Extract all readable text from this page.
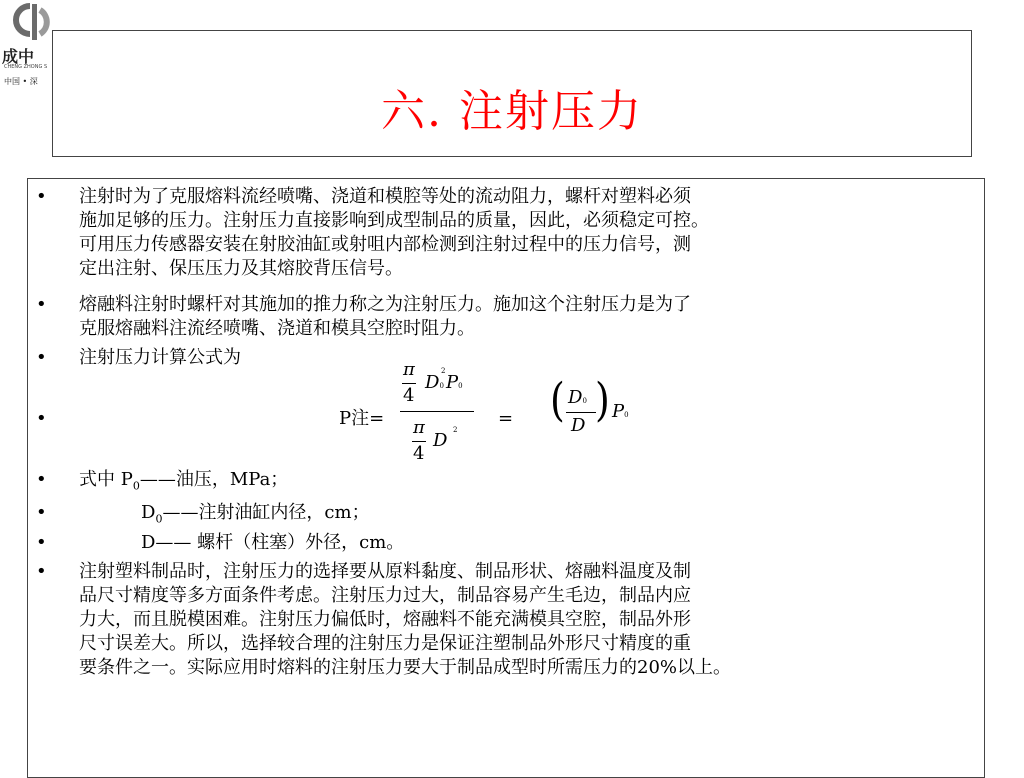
成中
CHENG ZHONG S
中国 • 深
六. 注射压力
• 注射时为了克服熔料流经喷嘴、浇道和模腔等处的流动阻力，螺杆对塑料必须
施加足够的压力。注射压力直接影响到成型制品的质量，因此，必须稳定可控。
可用压力传感器安装在射胶油缸或射咀内部检测到注射过程中的压力信号，测
定出注射、保压压力及其熔胶背压信号。
• 熔融料注射时螺杆对其施加的推力称之为注射压力。施加这个注射压力是为了
克服熔融料注流经喷嘴、浇道和模具空腔时阻力。
• 注射压力计算公式为
•	P注=	=
π
4
D0
2
P0
π
4
D 2
( D0
D ) P0
• 式中 $P_0——$油压，MPa；
•	$D_0——$注射油缸内径，cm；
•	D—— 螺杆（柱塞）外径，cm。
• 注射塑料制品时，注射压力的选择要从原料黏度、制品形状、熔融料温度及制
品尺寸精度等多方面条件考虑。注射压力过大，制品容易产生毛边，制品内应
力大，而且脱模困难。注射压力偏低时，熔融料不能充满模具空腔，制品外形
尺寸误差大。所以，选择较合理的注射压力是保证注塑制品外形尺寸精度的重
要条件之一。实际应用时熔料的注射压力要大于制品成型时所需压力的20%以上。
